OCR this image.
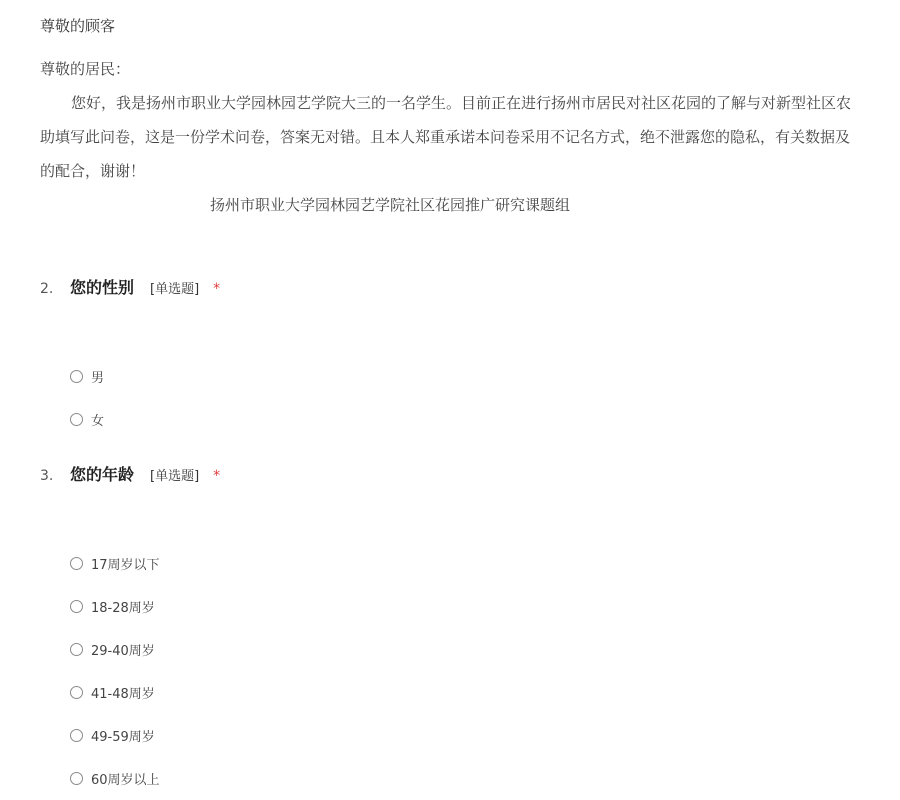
尊敬的顾客
尊敬的居民：
您好，我是扬州市职业大学园林园艺学院大三的一名学生。目前正在进行扬州市居民对社区花园的了解与对新型社区农
助填写此问卷，这是一份学术问卷，答案无对错。且本人郑重承诺本问卷采用不记名方式，绝不泄露您的隐私，有关数据及
的配合，谢谢！
扬州市职业大学园林园艺学院社区花园推广研究课题组
2.	您的性别 [单选题] *
男
女
3.	您的年龄 [单选题] *
17周岁以下
18-28周岁
29-40周岁
41-48周岁
49-59周岁
60周岁以上
